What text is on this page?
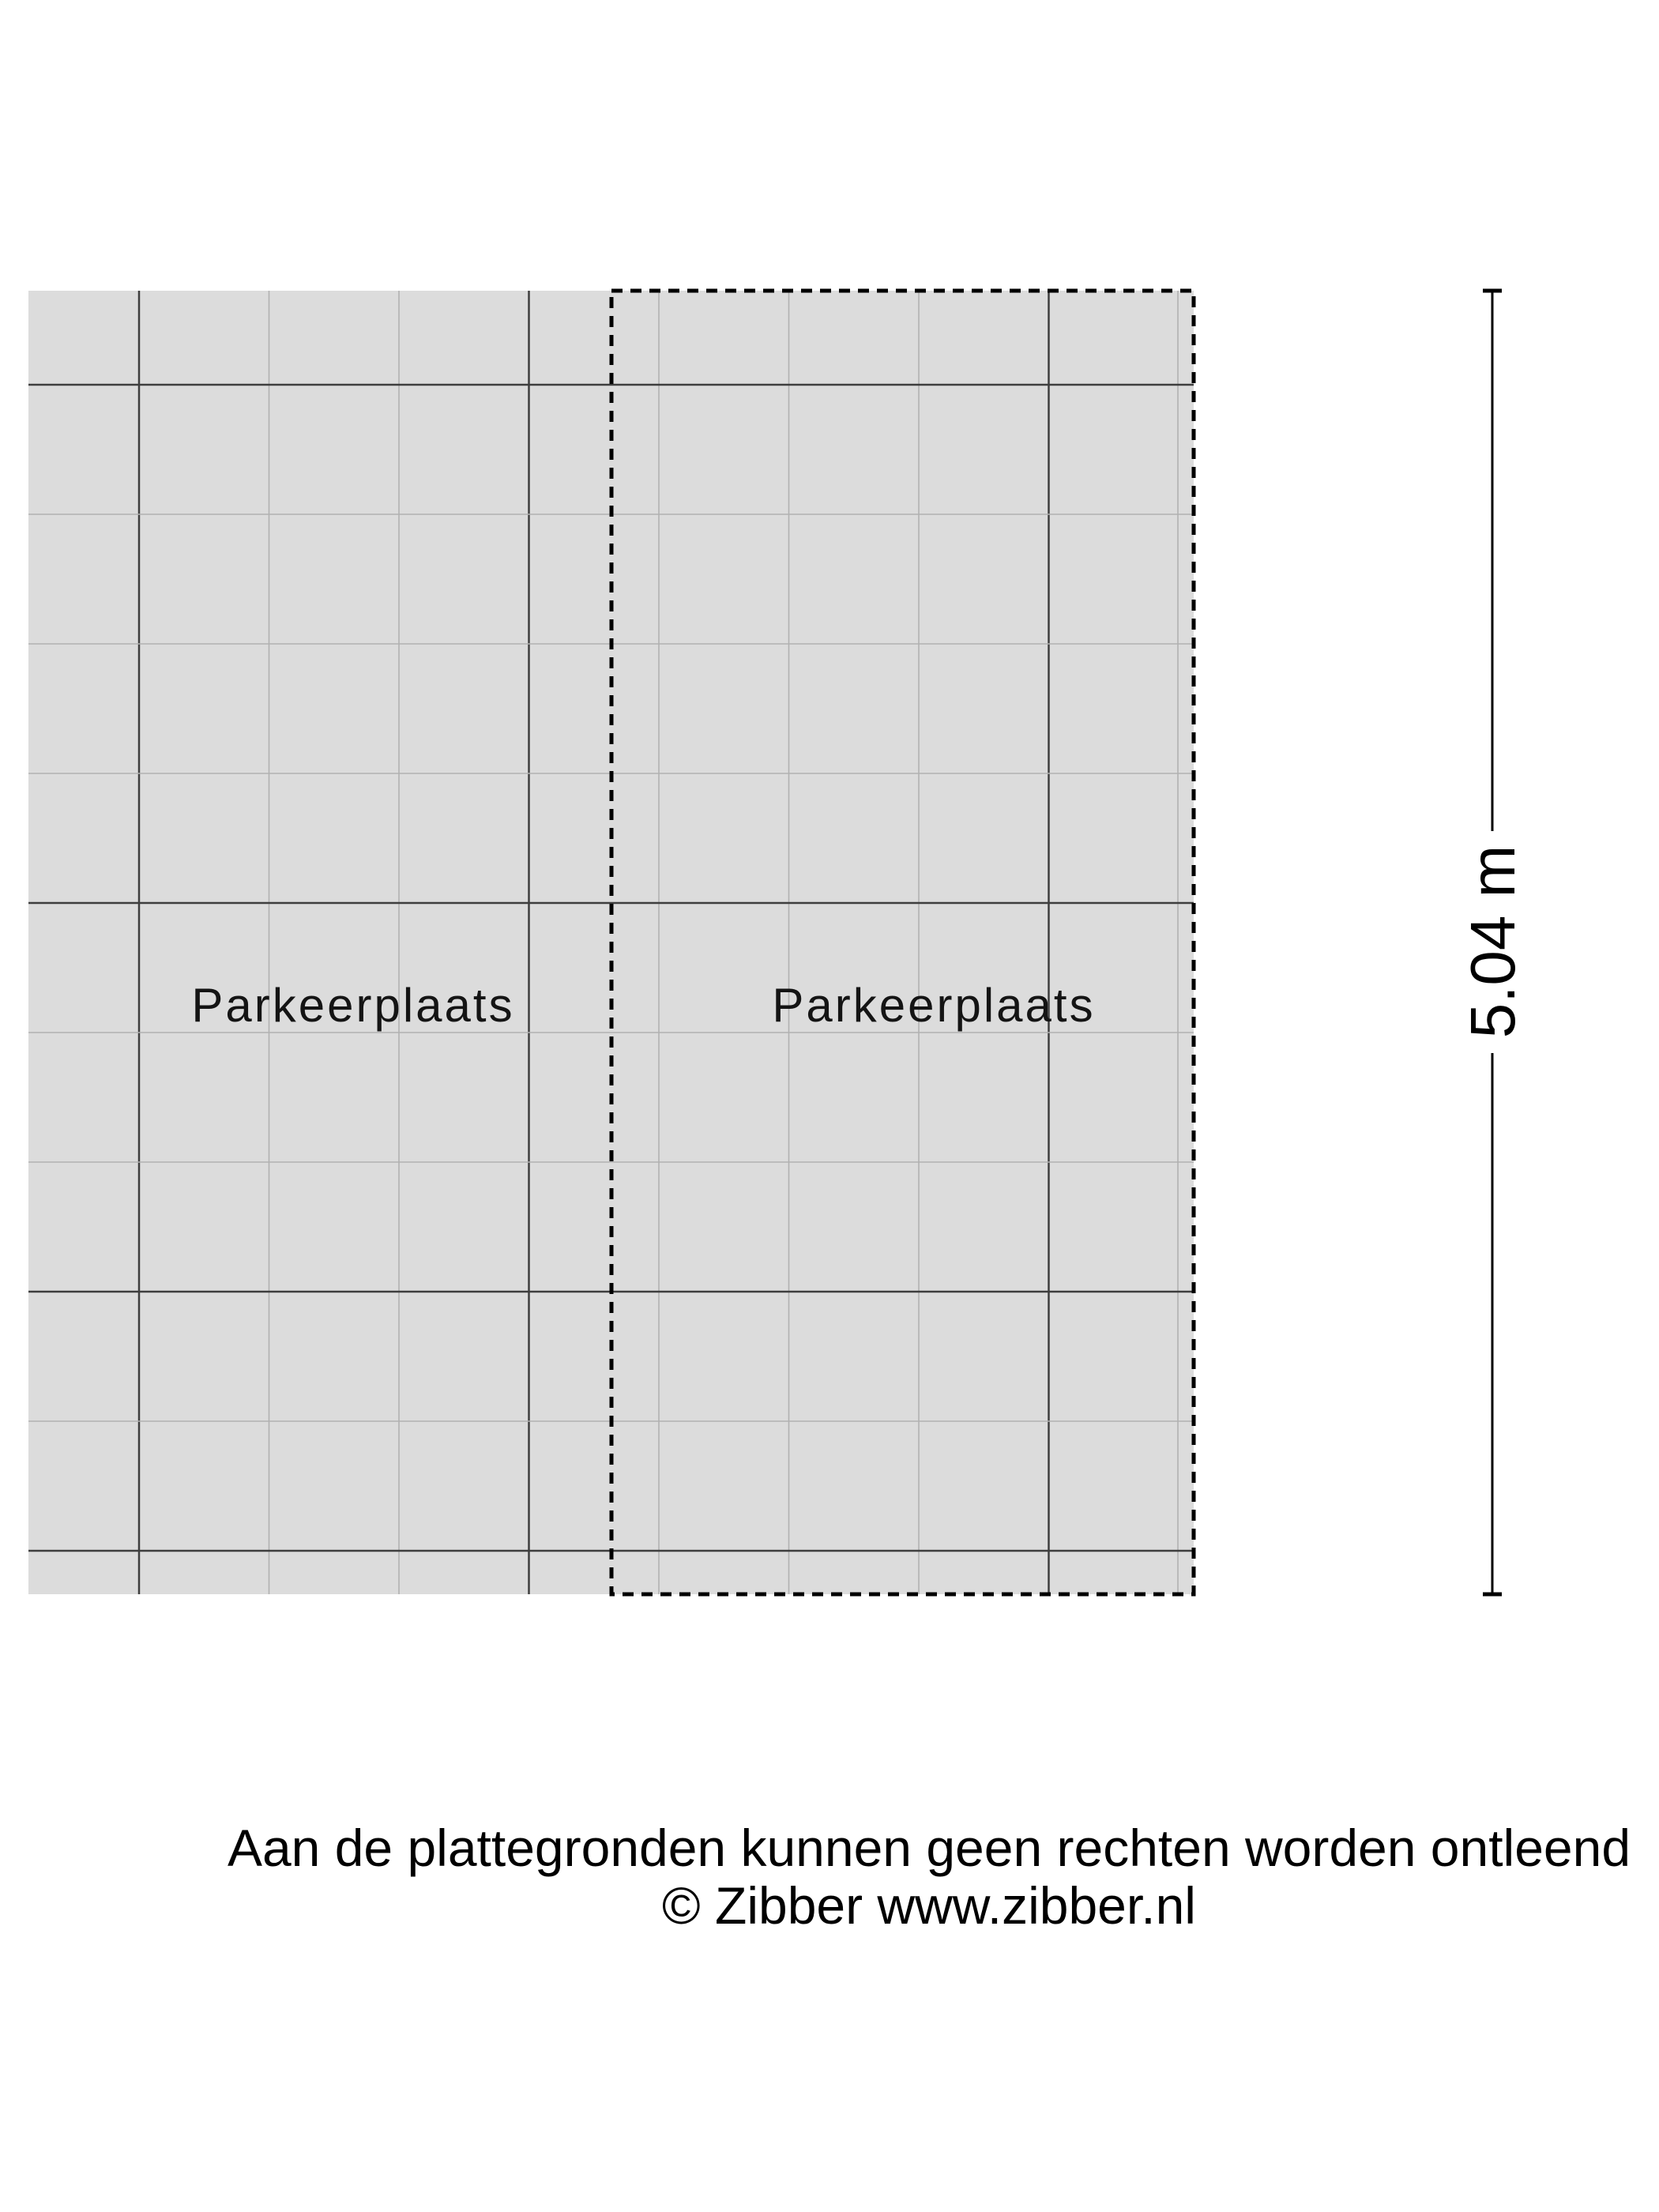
5.04 m
Parkeerplaats	Parkeerplaats
Aan de plattegronden kunnen geen rechten worden ontleend
© Zibber www.zibber.nl
